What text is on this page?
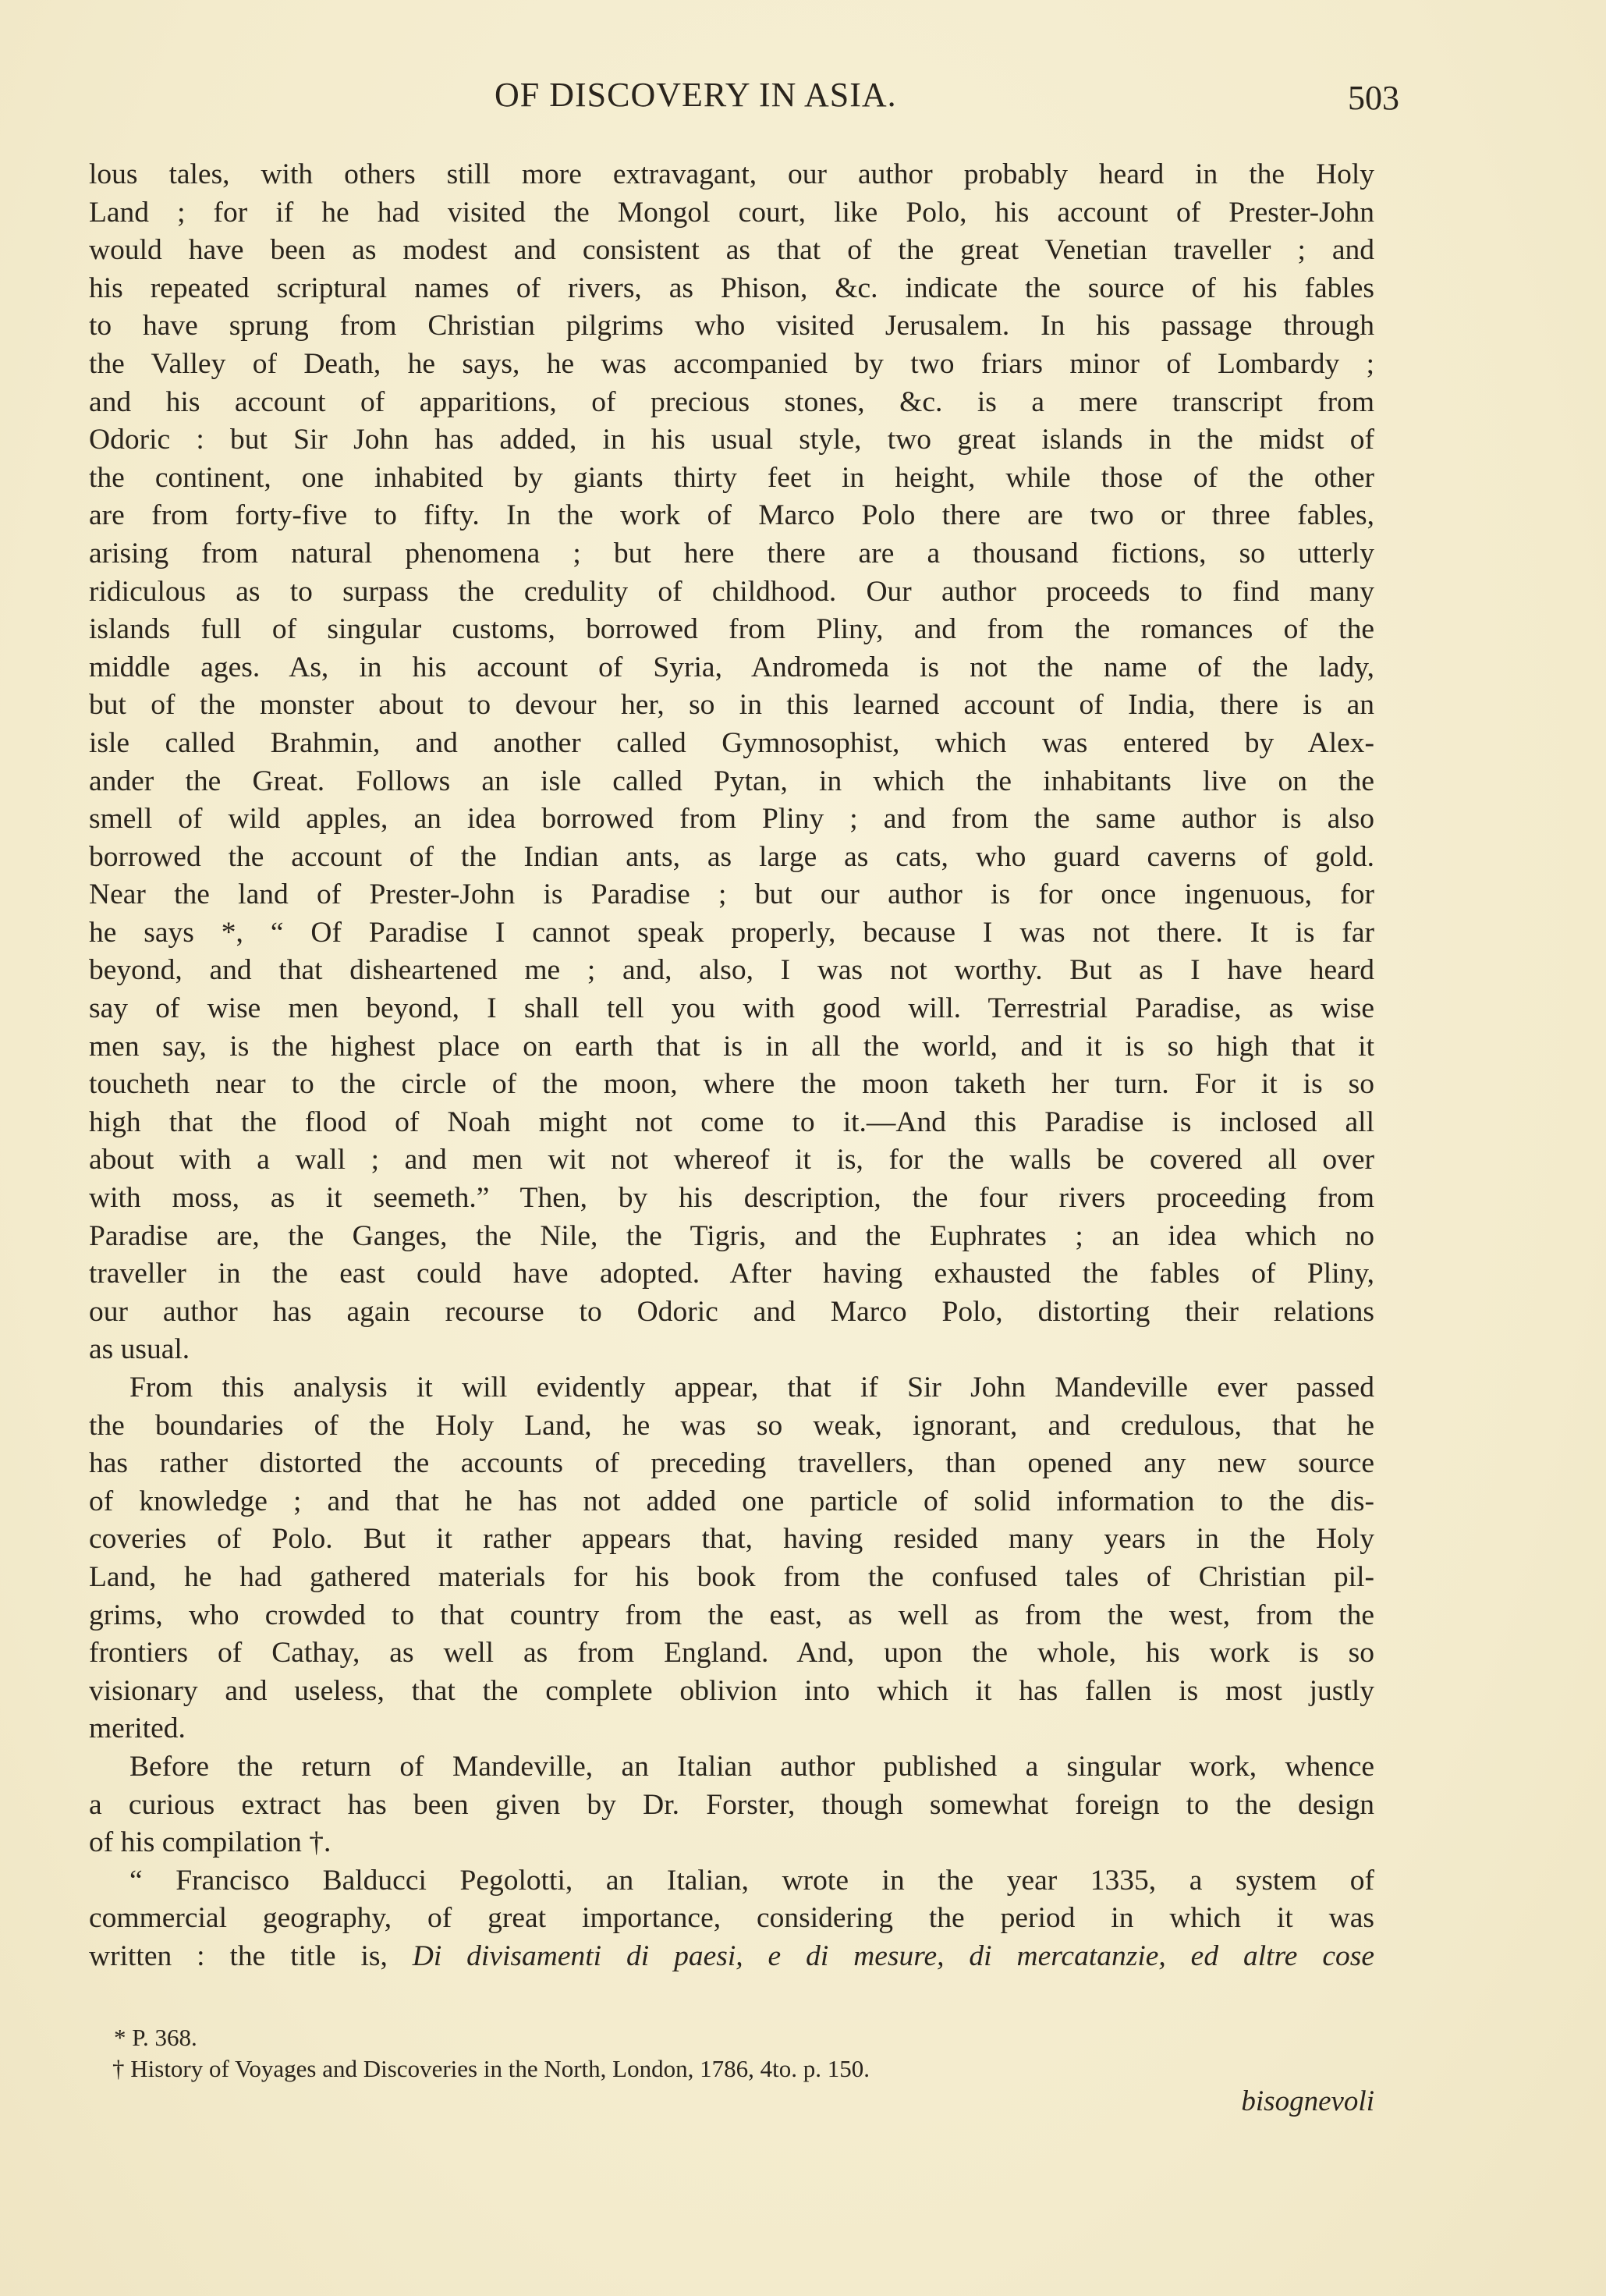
OF DISCOVERY IN ASIA.	503
lous tales, with others still more extravagant, our author probably heard in the Holy
Land ; for if he had visited the Mongol court, like Polo, his account of Prester-John
would have been as modest and consistent as that of the great Venetian traveller ; and
his repeated scriptural names of rivers, as Phison, &c. indicate the source of his fables
to have sprung from Christian pilgrims who visited Jerusalem. In his passage through
the Valley of Death, he says, he was accompanied by two friars minor of Lombardy ;
and his account of apparitions, of precious stones, &c. is a mere transcript from
Odoric : but Sir John has added, in his usual style, two great islands in the midst of
the continent, one inhabited by giants thirty feet in height, while those of the other
are from forty-five to fifty. In the work of Marco Polo there are two or three fables,
arising from natural phenomena ; but here there are a thousand fictions, so utterly
ridiculous as to surpass the credulity of childhood. Our author proceeds to find many
islands full of singular customs, borrowed from Pliny, and from the romances of the
middle ages. As, in his account of Syria, Andromeda is not the name of the lady,
but of the monster about to devour her, so in this learned account of India, there is an
isle called Brahmin, and another called Gymnosophist, which was entered by Alex-
ander the Great. Follows an isle called Pytan, in which the inhabitants live on the
smell of wild apples, an idea borrowed from Pliny ; and from the same author is also
borrowed the account of the Indian ants, as large as cats, who guard caverns of gold.
Near the land of Prester-John is Paradise ; but our author is for once ingenuous, for
he says *, “ Of Paradise I cannot speak properly, because I was not there. It is far
beyond, and that disheartened me ; and, also, I was not worthy. But as I have heard
say of wise men beyond, I shall tell you with good will. Terrestrial Paradise, as wise
men say, is the highest place on earth that is in all the world, and it is so high that it
toucheth near to the circle of the moon, where the moon taketh her turn. For it is so
high that the flood of Noah might not come to it.—And this Paradise is inclosed all
about with a wall ; and men wit not whereof it is, for the walls be covered all over
with moss, as it seemeth.” Then, by his description, the four rivers proceeding from
Paradise are, the Ganges, the Nile, the Tigris, and the Euphrates ; an idea which no
traveller in the east could have adopted. After having exhausted the fables of Pliny,
our author has again recourse to Odoric and Marco Polo, distorting their relations
as usual.
From this analysis it will evidently appear, that if Sir John Mandeville ever passed
the boundaries of the Holy Land, he was so weak, ignorant, and credulous, that he
has rather distorted the accounts of preceding travellers, than opened any new source
of knowledge ; and that he has not added one particle of solid information to the dis-
coveries of Polo. But it rather appears that, having resided many years in the Holy
Land, he had gathered materials for his book from the confused tales of Christian pil-
grims, who crowded to that country from the east, as well as from the west, from the
frontiers of Cathay, as well as from England. And, upon the whole, his work is so
visionary and useless, that the complete oblivion into which it has fallen is most justly
merited.
Before the return of Mandeville, an Italian author published a singular work, whence
a curious extract has been given by Dr. Forster, though somewhat foreign to the design
of his compilation †.
“ Francisco Balducci Pegolotti, an Italian, wrote in the year 1335, a system of
commercial geography, of great importance, considering the period in which it was
written : the title is, Di divisamenti di paesi, e di mesure, di mercatanzie, ed altre cose
* P. 368.
† History of Voyages and Discoveries in the North, London, 1786, 4to. p. 150.
bisognevoli
